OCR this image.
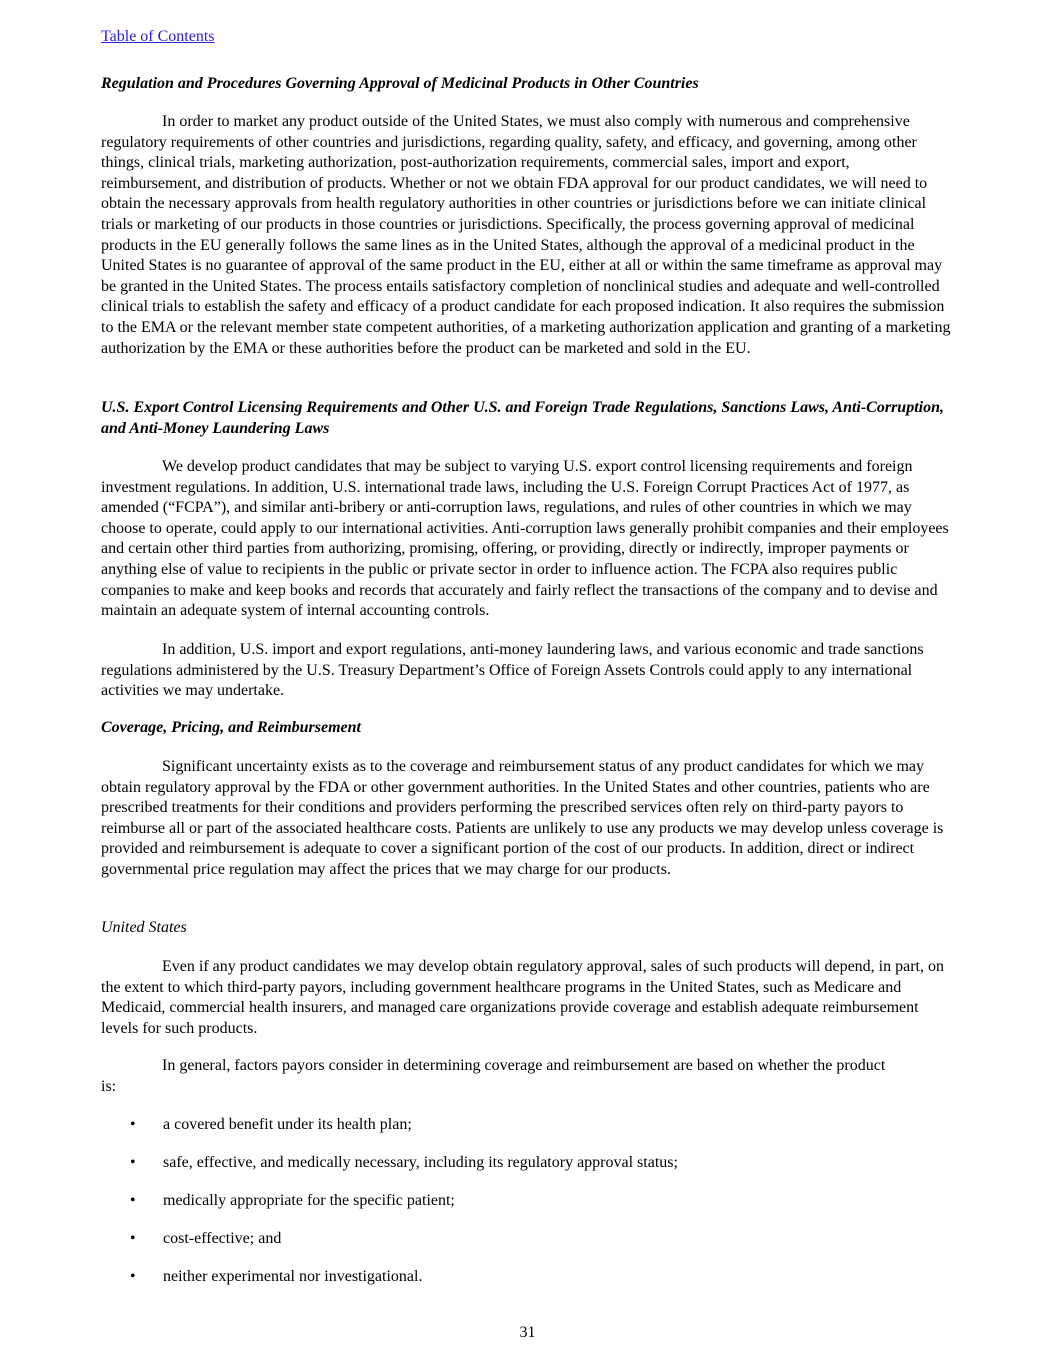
Table of Contents
Regulation and Procedures Governing Approval of Medicinal Products in Other Countries

In order to market any product outside of the United States, we must also comply with numerous and comprehensive regulatory requirements of other countries and jurisdictions, regarding quality, safety, and efficacy, and governing, among other things, clinical trials, marketing authorization, post-authorization requirements, commercial sales, import and export, reimbursement, and distribution of products. Whether or not we obtain FDA approval for our product candidates, we will need to obtain the necessary approvals from health regulatory authorities in other countries or jurisdictions before we can initiate clinical trials or marketing of our products in those countries or jurisdictions. Specifically, the process governing approval of medicinal products in the EU generally follows the same lines as in the United States, although the approval of a medicinal product in the United States is no guarantee of approval of the same product in the EU, either at all or within the same timeframe as approval may be granted in the United States. The process entails satisfactory completion of nonclinical studies and adequate and well-controlled clinical trials to establish the safety and efficacy of a product candidate for each proposed indication. It also requires the submission to the EMA or the relevant member state competent authorities, of a marketing authorization application and granting of a marketing authorization by the EMA or these authorities before the product can be marketed and sold in the EU.

U.S. Export Control Licensing Requirements and Other U.S. and Foreign Trade Regulations, Sanctions Laws, Anti-Corruption, and Anti-Money Laundering Laws

We develop product candidates that may be subject to varying U.S. export control licensing requirements and foreign investment regulations. In addition, U.S. international trade laws, including the U.S. Foreign Corrupt Practices Act of 1977, as amended (“FCPA”), and similar anti-bribery or anti-corruption laws, regulations, and rules of other countries in which we may choose to operate, could apply to our international activities. Anti-corruption laws generally prohibit companies and their employees and certain other third parties from authorizing, promising, offering, or providing, directly or indirectly, improper payments or anything else of value to recipients in the public or private sector in order to influence action. The FCPA also requires public companies to make and keep books and records that accurately and fairly reflect the transactions of the company and to devise and maintain an adequate system of internal accounting controls.

In addition, U.S. import and export regulations, anti-money laundering laws, and various economic and trade sanctions regulations administered by the U.S. Treasury Department’s Office of Foreign Assets Controls could apply to any international activities we may undertake.

Coverage, Pricing, and Reimbursement

Significant uncertainty exists as to the coverage and reimbursement status of any product candidates for which we may obtain regulatory approval by the FDA or other government authorities. In the United States and other countries, patients who are prescribed treatments for their conditions and providers performing the prescribed services often rely on third-party payors to reimburse all or part of the associated healthcare costs. Patients are unlikely to use any products we may develop unless coverage is provided and reimbursement is adequate to cover a significant portion of the cost of our products. In addition, direct or indirect governmental price regulation may affect the prices that we may charge for our products.

United States

Even if any product candidates we may develop obtain regulatory approval, sales of such products will depend, in part, on the extent to which third-party payors, including government healthcare programs in the United States, such as Medicare and Medicaid, commercial health insurers, and managed care organizations provide coverage and establish adequate reimbursement levels for such products.

In general, factors payors consider in determining coverage and reimbursement are based on whether the product

is:
• a covered benefit under its health plan;
• safe, effective, and medically necessary, including its regulatory approval status;
• medically appropriate for the specific patient;
• cost-effective; and
• neither experimental nor investigational.
31
